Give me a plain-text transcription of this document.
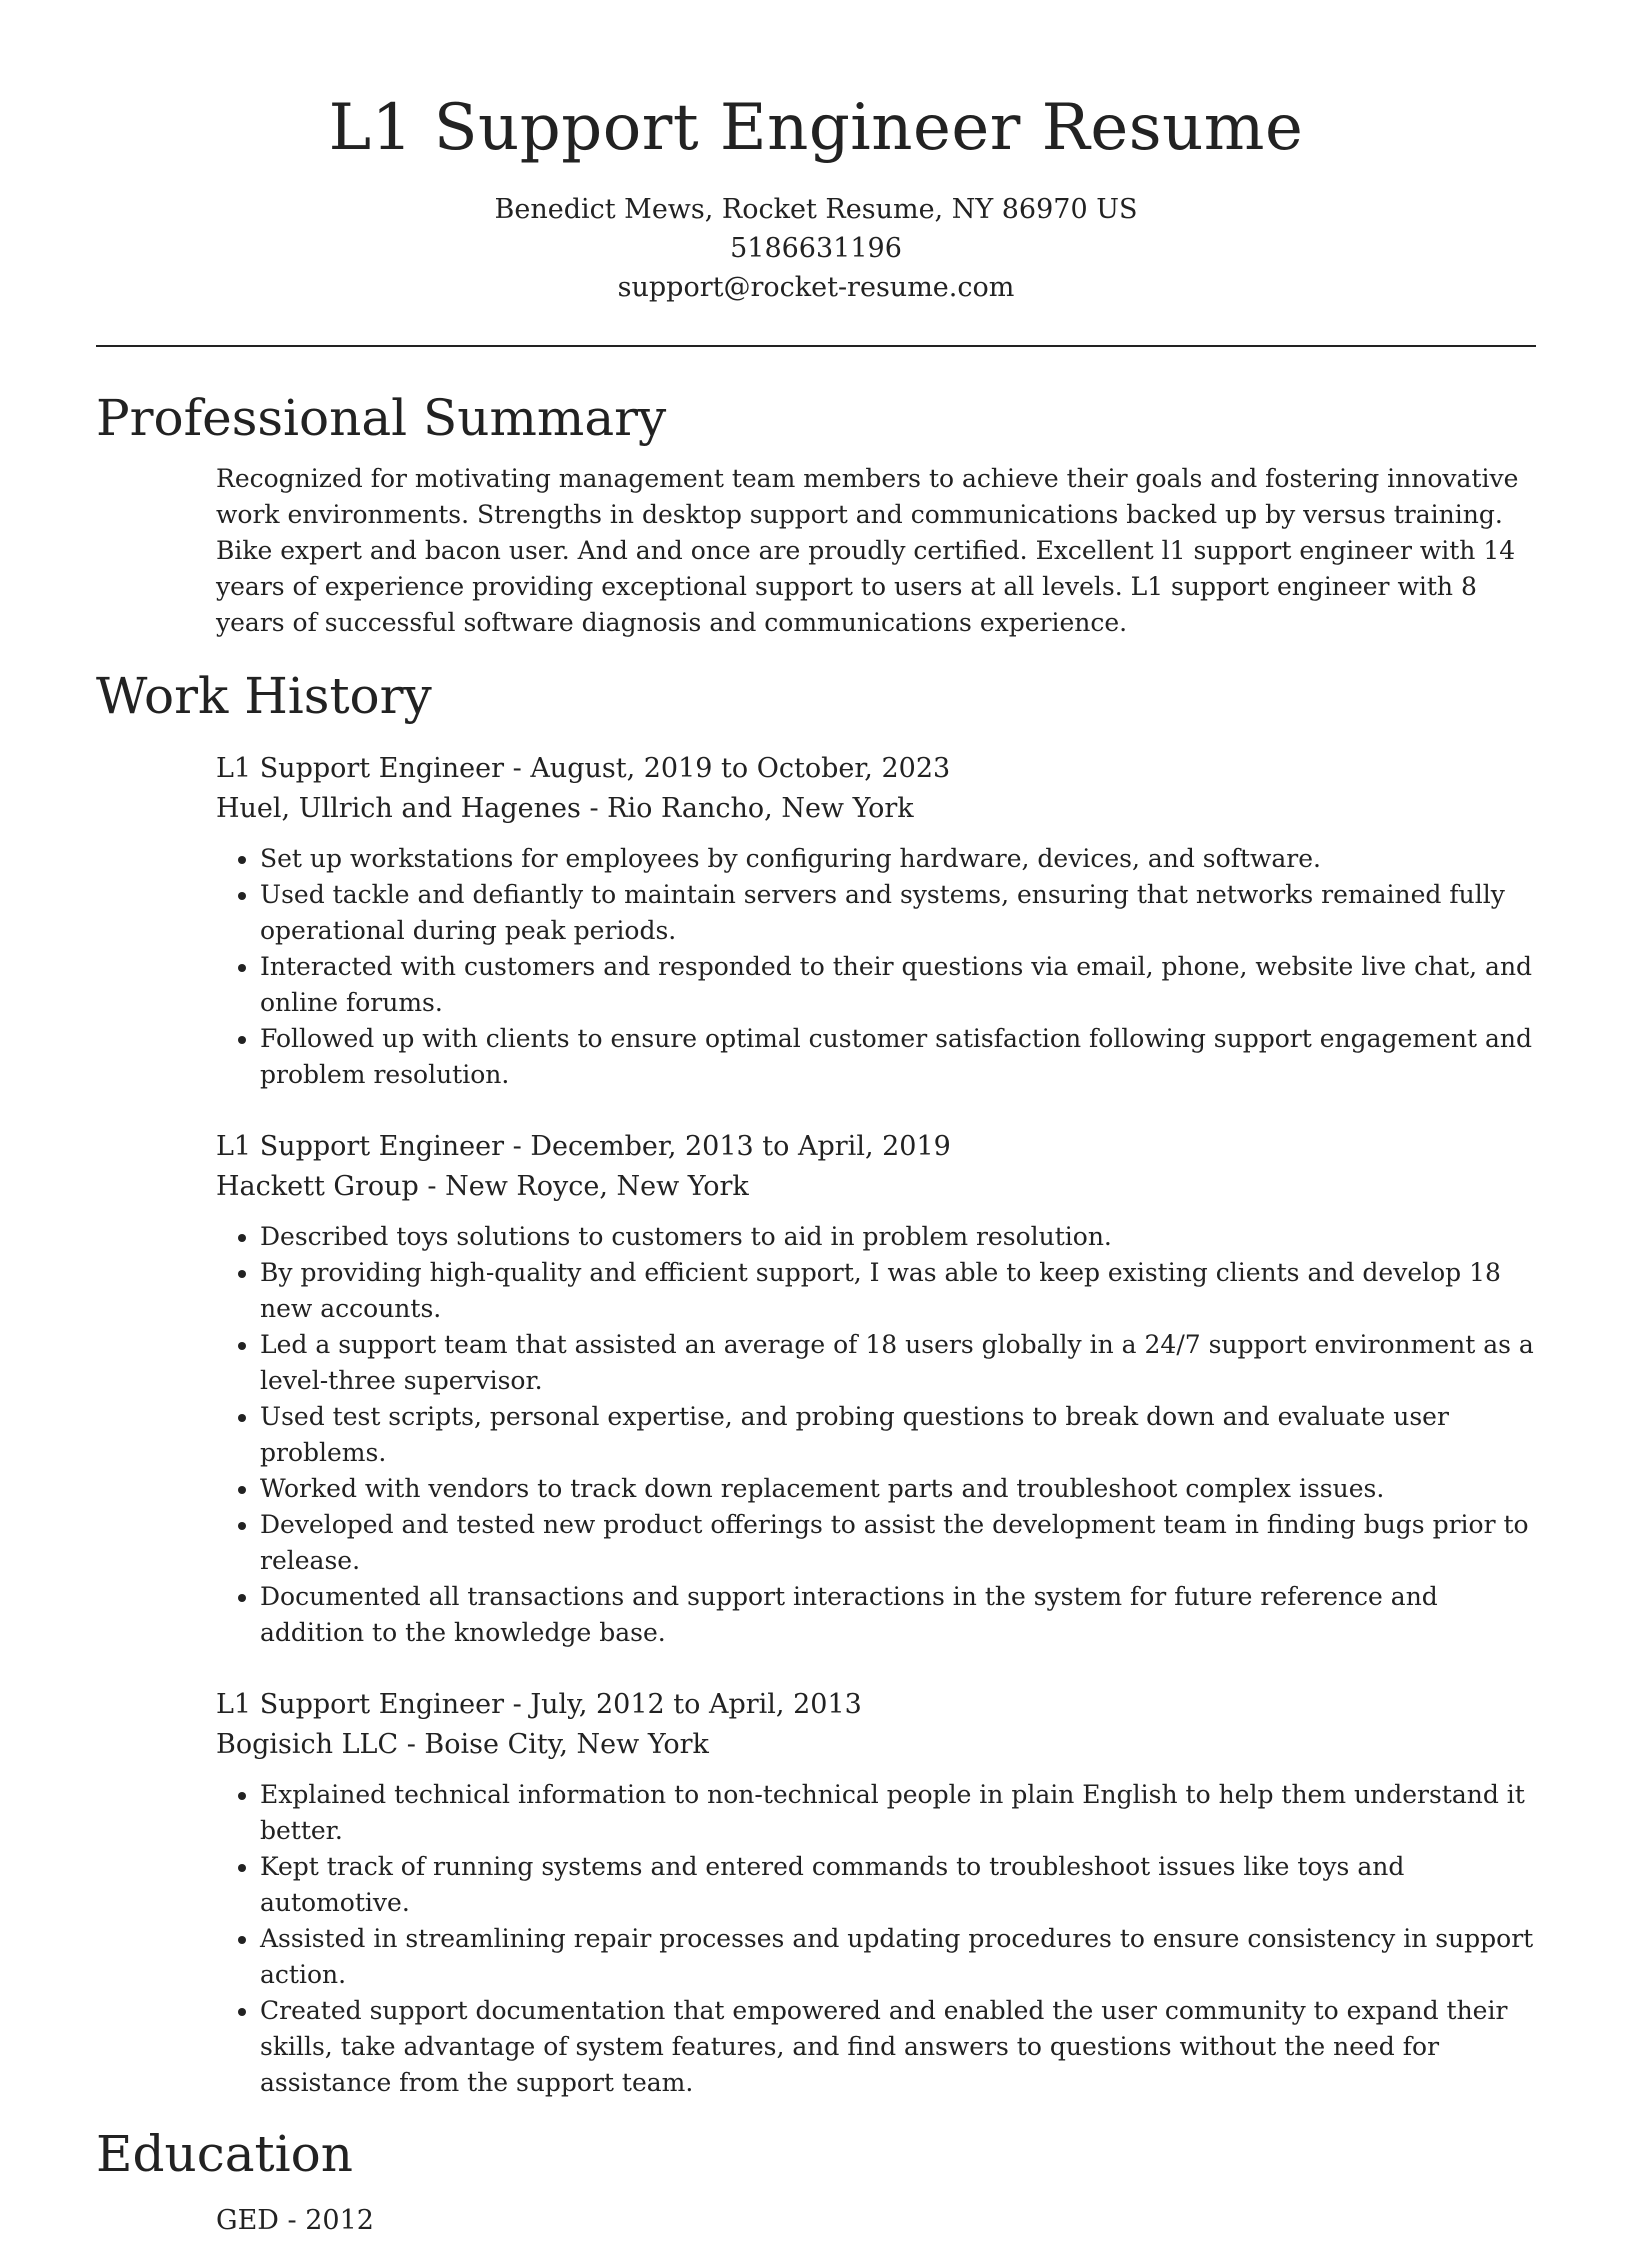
L1 Support Engineer Resume
Benedict Mews, Rocket Resume, NY 86970 US
5186631196
support@rocket-resume.com
Professional Summary
Recognized for motivating management team members to achieve their goals and fostering innovative work environments. Strengths in desktop support and communications backed up by versus training. Bike expert and bacon user. And and once are proudly certified. Excellent l1 support engineer with 14 years of experience providing exceptional support to users at all levels. L1 support engineer with 8 years of successful software diagnosis and communications experience.
Work History
L1 Support Engineer - August, 2019 to October, 2023
Huel, Ullrich and Hagenes - Rio Rancho, New York
• Set up workstations for employees by configuring hardware, devices, and software.
• Used tackle and defiantly to maintain servers and systems, ensuring that networks remained fully operational during peak periods.
• Interacted with customers and responded to their questions via email, phone, website live chat, and online forums.
• Followed up with clients to ensure optimal customer satisfaction following support engagement and problem resolution.
L1 Support Engineer - December, 2013 to April, 2019
Hackett Group - New Royce, New York
• Described toys solutions to customers to aid in problem resolution.
• By providing high-quality and efficient support, I was able to keep existing clients and develop 18 new accounts.
• Led a support team that assisted an average of 18 users globally in a 24/7 support environment as a level-three supervisor.
• Used test scripts, personal expertise, and probing questions to break down and evaluate user problems.
• Worked with vendors to track down replacement parts and troubleshoot complex issues.
• Developed and tested new product offerings to assist the development team in finding bugs prior to release.
• Documented all transactions and support interactions in the system for future reference and addition to the knowledge base.
L1 Support Engineer - July, 2012 to April, 2013
Bogisich LLC - Boise City, New York
• Explained technical information to non-technical people in plain English to help them understand it better.
• Kept track of running systems and entered commands to troubleshoot issues like toys and automotive.
• Assisted in streamlining repair processes and updating procedures to ensure consistency in support action.
• Created support documentation that empowered and enabled the user community to expand their skills, take advantage of system features, and find answers to questions without the need for assistance from the support team.
Education
GED - 2012
